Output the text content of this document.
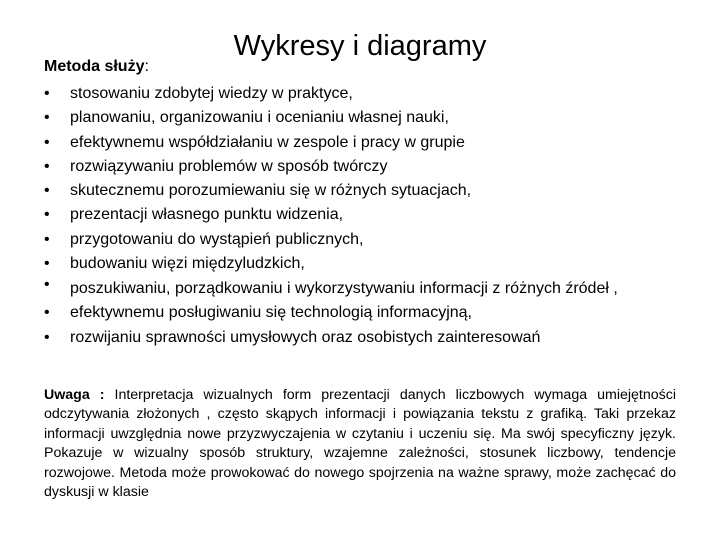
Wykresy i diagramy
Metoda służy:
• stosowaniu zdobytej wiedzy w praktyce,
• planowaniu, organizowaniu i ocenianiu własnej nauki,
• efektywnemu współdziałaniu w zespole i pracy w grupie
• rozwiązywaniu problemów w sposób twórczy
• skutecznemu porozumiewaniu się w różnych sytuacjach,
• prezentacji własnego punktu widzenia,
• przygotowaniu do wystąpień publicznych,
• budowaniu więzi międzyludzkich,
• poszukiwaniu, porządkowaniu i wykorzystywaniu informacji z różnych źródeł ,
• efektywnemu posługiwaniu się technologią informacyjną,
• rozwijaniu sprawności umysłowych oraz osobistych zainteresowań
Uwaga : Interpretacja wizualnych form prezentacji danych liczbowych wymaga umiejętności odczytywania złożonych , często skąpych informacji i powiązania tekstu z grafiką. Taki przekaz informacji uwzględnia nowe przyzwyczajenia w czytaniu i uczeniu się. Ma swój specyficzny język. Pokazuje w wizualny sposób struktury, wzajemne zależności, stosunek liczbowy, tendencje rozwojowe. Metoda może prowokować do nowego spojrzenia na ważne sprawy, może zachęcać do dyskusji w klasie
